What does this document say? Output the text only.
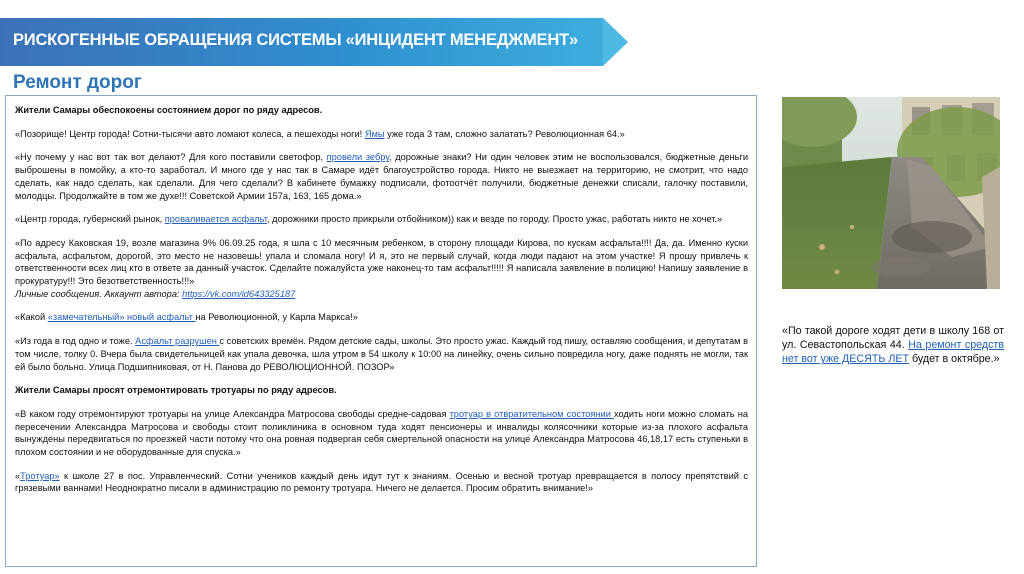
РИСКОГЕННЫЕ ОБРАЩЕНИЯ СИСТЕМЫ «ИНЦИДЕНТ МЕНЕДЖМЕНТ»
Ремонт дорог

Жители Самары обеспокоены состоянием дорог по ряду адресов.

«Позорище! Центр города! Сотни-тысячи авто ломают колеса, а пешеходы ноги! Ямы уже года 3 там, сложно залатать? Революционная 64.»

«Ну почему у нас вот так вот делают? Для кого поставили светофор, провели зебру, дорожные знаки? Ни один человек этим не воспользовался, бюджетные деньги выброшены в помойку, а кто-то заработал. И много где у нас так в Самаре идёт благоустройство города. Никто не выезжает на территорию, не смотрит, что надо сделать, как надо сделать, как сделали. Для чего сделали? В кабинете бумажку подписали, фотоотчёт получили, бюджетные денежки списали, галочку поставили, молодцы. Продолжайте в том же духе!!! Советской Армии 157а, 163, 165 дома.»

«Центр города, губернский рынок, проваливается асфальт, дорожники просто прикрыли отбойником)) как и везде по городу. Просто ужас, работать никто не хочет.»

«По адресу Каковская 19, возле магазина 9% 06.09.25 года, я шла с 10 месячным ребенком, в сторону площади Кирова, по кускам асфальта!!!! Да, да. Именно куски асфальта, асфальтом, дорогой, это место не назовешь! упала и сломала ногу! И я, это не первый случай, когда люди падают на этом участке! Я прошу привлечь к ответственности всех лиц кто в ответе за данный участок. Сделайте пожалуйста уже наконец-то там асфальт!!!!! Я написала заявление в полицию! Напишу заявление в прокуратуру!!! Это безответственность!!!»

Личные сообщения. Аккаунт автора: https://vk.com/id643325187

«Какой «замечательный» новый асфальт на Революционной, у Карла Маркса!»

«Из года в год одно и тоже. Асфальт разрушен с советских времён. Рядом детские сады, школы. Это просто ужас. Каждый год пишу, оставляю сообщения, и депутатам в том числе, толку 0. Вчера была свидетельницей как упала девочка, шла утром в 54 школу к 10:00 на линейку, очень сильно повредила ногу, даже поднять не могли, так ей было больно. Улица Подшипниковая, от Н. Панова до РЕВОЛЮЦИОННОЙ. ПОЗОР»

Жители Самары просят отремонтировать тротуары по ряду адресов.

«В каком году отремонтируют тротуары на улице Александра Матросова свободы средне-садовая тротуар в отвратительном состоянии ходить ноги можно сломать на пересечении Александра Матросова и свободы стоит поликлиника в основном туда ходят пенсионеры и инвалиды колясочники которые из-за плохого асфальта вынуждены передвигаться по проезжей части потому что она ровная подвергая себя смертельной опасности на улице Александра Матросова 46,18,17 есть ступеньки в плохом состоянии и не оборудованные для спуска.»

«Тротуар» к школе 27 в пос. Управленческий. Сотни учеников каждый день идут тут к знаниям. Осенью и весной тротуар превращается в полосу препятствий с грязевыми ваннами! Неоднократно писали в администрацию по ремонту тротуара. Ничего не делается. Просим обратить внимание!»

«По такой дороге ходят дети в школу 168 от ул. Севастопольская 44. На ремонт средств нет вот уже ДЕСЯТЬ ЛЕТ будет в октябре.»
